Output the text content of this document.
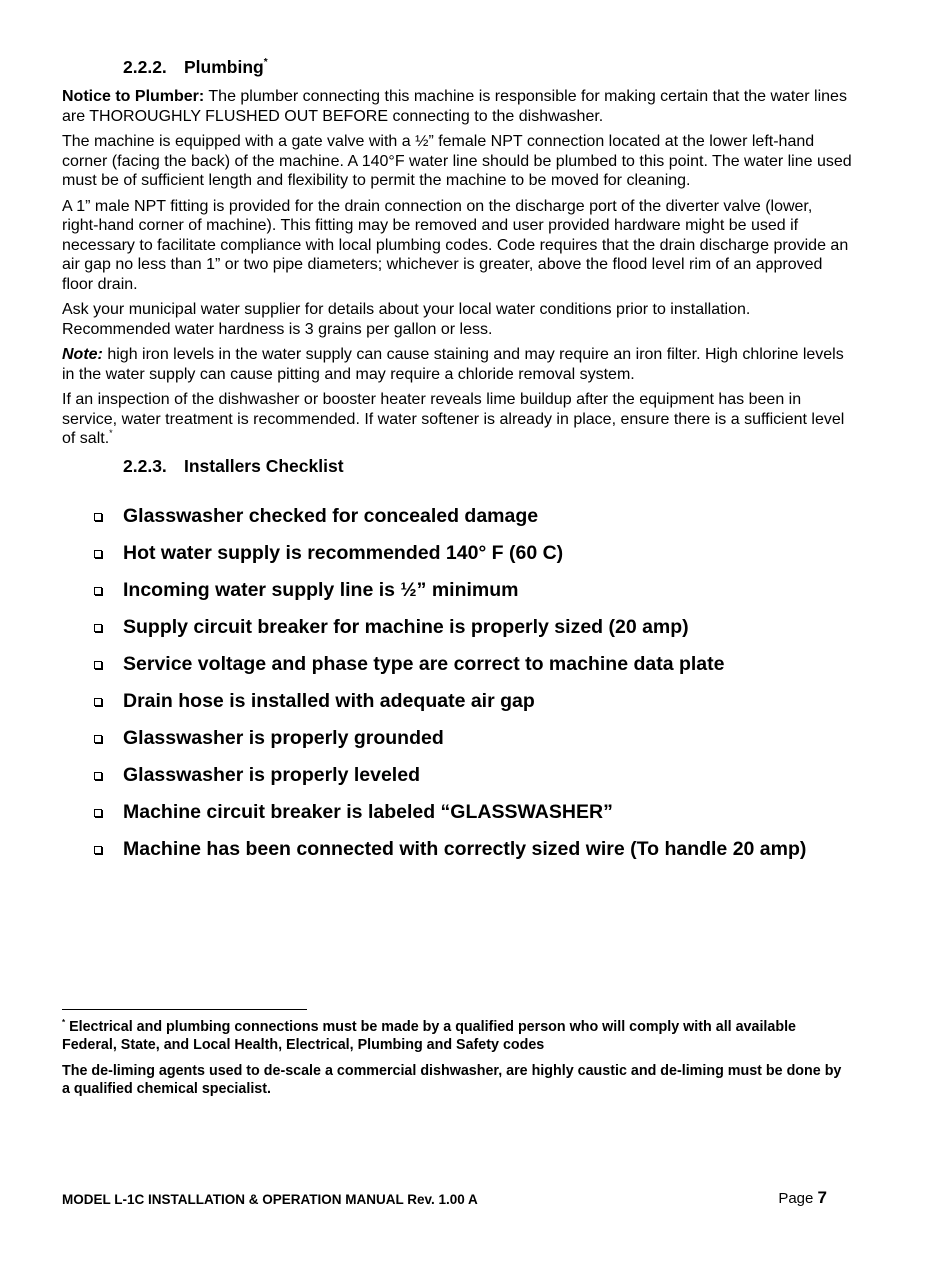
2.2.2. Plumbing*

Notice to Plumber: The plumber connecting this machine is responsible for making certain that the water lines are THOROUGHLY FLUSHED OUT BEFORE connecting to the dishwasher.

The machine is equipped with a gate valve with a ½” female NPT connection located at the lower left-hand corner (facing the back) of the machine. A 140°F water line should be plumbed to this point. The water line used must be of sufficient length and flexibility to permit the machine to be moved for cleaning.

A 1” male NPT fitting is provided for the drain connection on the discharge port of the diverter valve (lower, right-hand corner of machine). This fitting may be removed and user provided hardware might be used if necessary to facilitate compliance with local plumbing codes. Code requires that the drain discharge provide an air gap no less than 1” or two pipe diameters; whichever is greater, above the flood level rim of an approved floor drain.

Ask your municipal water supplier for details about your local water conditions prior to installation. Recommended water hardness is 3 grains per gallon or less.

Note: high iron levels in the water supply can cause staining and may require an iron filter. High chlorine levels in the water supply can cause pitting and may require a chloride removal system.

If an inspection of the dishwasher or booster heater reveals lime buildup after the equipment has been in service, water treatment is recommended. If water softener is already in place, ensure there is a sufficient level of salt.*

2.2.3. Installers Checklist
Glasswasher checked for concealed damage
Hot water supply is recommended 140° F (60 C)
Incoming water supply line is ½” minimum
Supply circuit breaker for machine is properly sized (20 amp)
Service voltage and phase type are correct to machine data plate
Drain hose is installed with adequate air gap
Glasswasher is properly grounded
Glasswasher is properly leveled
Machine circuit breaker is labeled “GLASSWASHER”
Machine has been connected with correctly sized wire (To handle 20 amp)

* Electrical and plumbing connections must be made by a qualified person who will comply with all available Federal, State, and Local Health, Electrical, Plumbing and Safety codes

The de-liming agents used to de-scale a commercial dishwasher, are highly caustic and de-liming must be done by a qualified chemical specialist.

MODEL L-1C INSTALLATION & OPERATION MANUAL Rev. 1.00 A	Page 7
